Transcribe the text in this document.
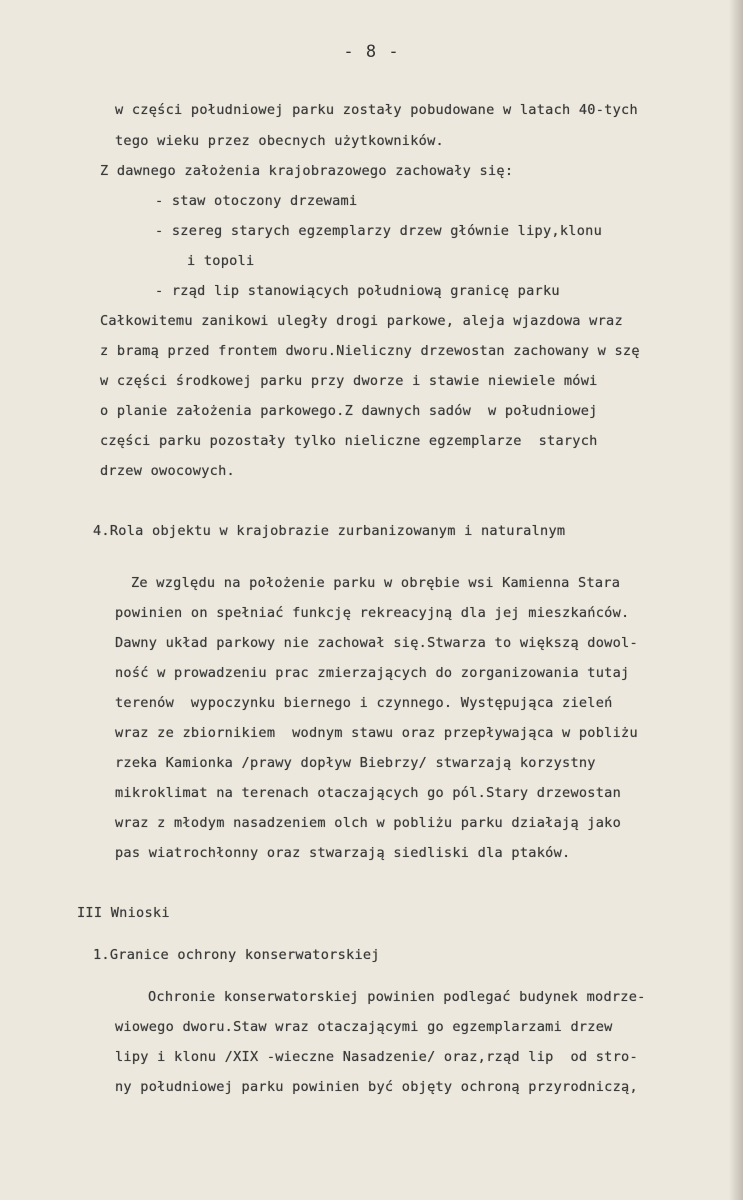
- 8 -
w części południowej parku zostały pobudowane w latach 40-tych
tego wieku przez obecnych użytkowników.
Z dawnego założenia krajobrazowego zachowały się:
- staw otoczony drzewami
- szereg starych egzemplarzy drzew głównie lipy,klonu
i topoli
- rząd lip stanowiących południową granicę parku
Całkowitemu zanikowi uległy drogi parkowe, aleja wjazdowa wraz
z bramą przed frontem dworu.Nieliczny drzewostan zachowany w szę
w części środkowej parku przy dworze i stawie niewiele mówi
o planie założenia parkowego.Z dawnych sadów  w południowej
części parku pozostały tylko nieliczne egzemplarze  starych
drzew owocowych.
4.Rola objektu w krajobrazie zurbanizowanym i naturalnym
Ze względu na położenie parku w obrębie wsi Kamienna Stara
powinien on spełniać funkcję rekreacyjną dla jej mieszkańców.
Dawny układ parkowy nie zachował się.Stwarza to większą dowol-
ność w prowadzeniu prac zmierzających do zorganizowania tutaj
terenów  wypoczynku biernego i czynnego. Występująca zieleń
wraz ze zbiornikiem  wodnym stawu oraz przepływająca w pobliżu
rzeka Kamionka /prawy dopływ Biebrzy/ stwarzają korzystny
mikroklimat na terenach otaczających go pól.Stary drzewostan
wraz z młodym nasadzeniem olch w pobliżu parku działają jako
pas wiatrochłonny oraz stwarzają siedliski dla ptaków.
III Wnioski
1.Granice ochrony konserwatorskiej
Ochronie konserwatorskiej powinien podlegać budynek modrze-
wiowego dworu.Staw wraz otaczającymi go egzemplarzami drzew
lipy i klonu /XIX -wieczne Nasadzenie/ oraz,rząd lip  od stro-
ny południowej parku powinien być objęty ochroną przyrodniczą,
